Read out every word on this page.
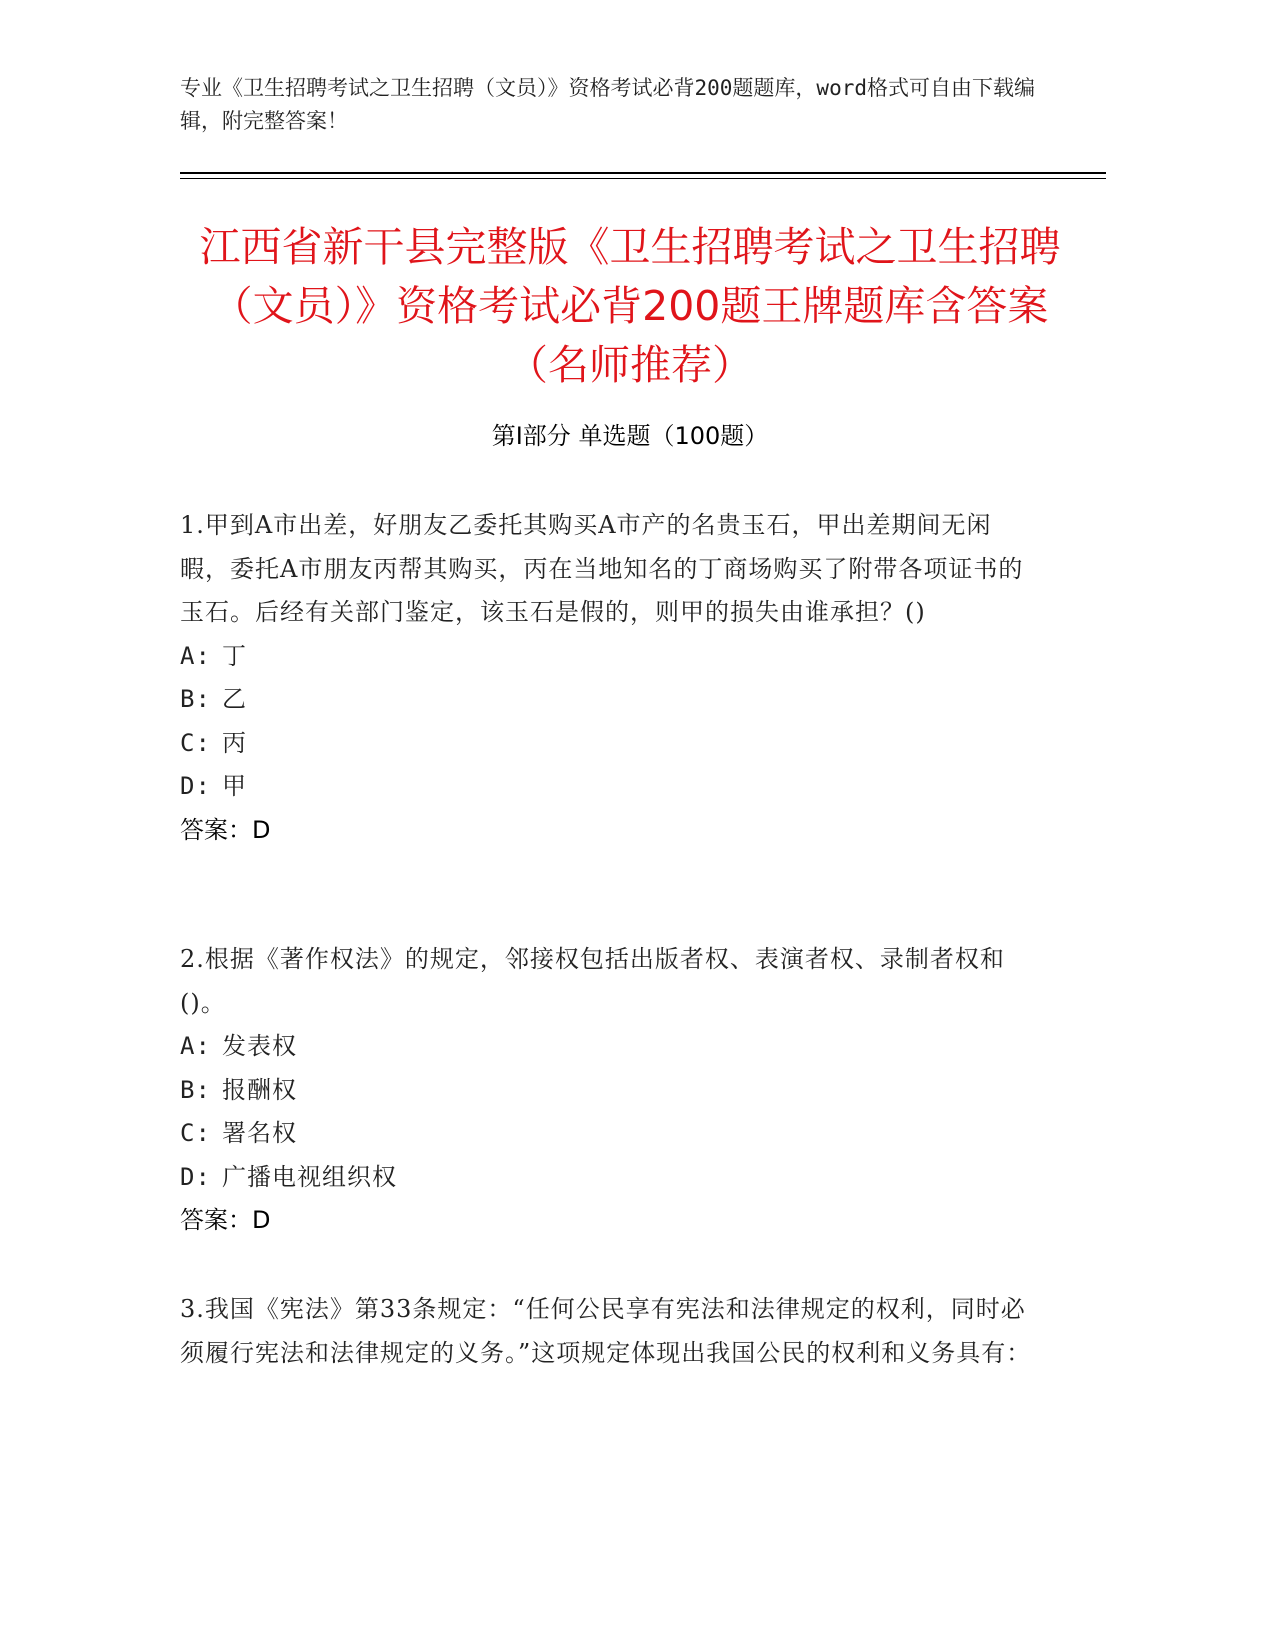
专业《卫生招聘考试之卫生招聘（文员）》资格考试必背200题题库，word格式可自由下载编辑，附完整答案！
江西省新干县完整版《卫生招聘考试之卫生招聘（文员）》资格考试必背200题王牌题库含答案（名师推荐）
第Ⅰ部分 单选题（100题）
1.甲到A市出差，好朋友乙委托其购买A市产的名贵玉石，甲出差期间无闲暇，委托A市朋友丙帮其购买，丙在当地知名的丁商场购买了附带各项证书的玉石。后经有关部门鉴定，该玉石是假的，则甲的损失由谁承担？()
A: 丁
B: 乙
C: 丙
D: 甲
答案：D
2.根据《著作权法》的规定，邻接权包括出版者权、表演者权、录制者权和()。
A: 发表权
B: 报酬权
C: 署名权
D: 广播电视组织权
答案：D
3.我国《宪法》第33条规定：“任何公民享有宪法和法律规定的权利，同时必须履行宪法和法律规定的义务。”这项规定体现出我国公民的权利和义务具有：
